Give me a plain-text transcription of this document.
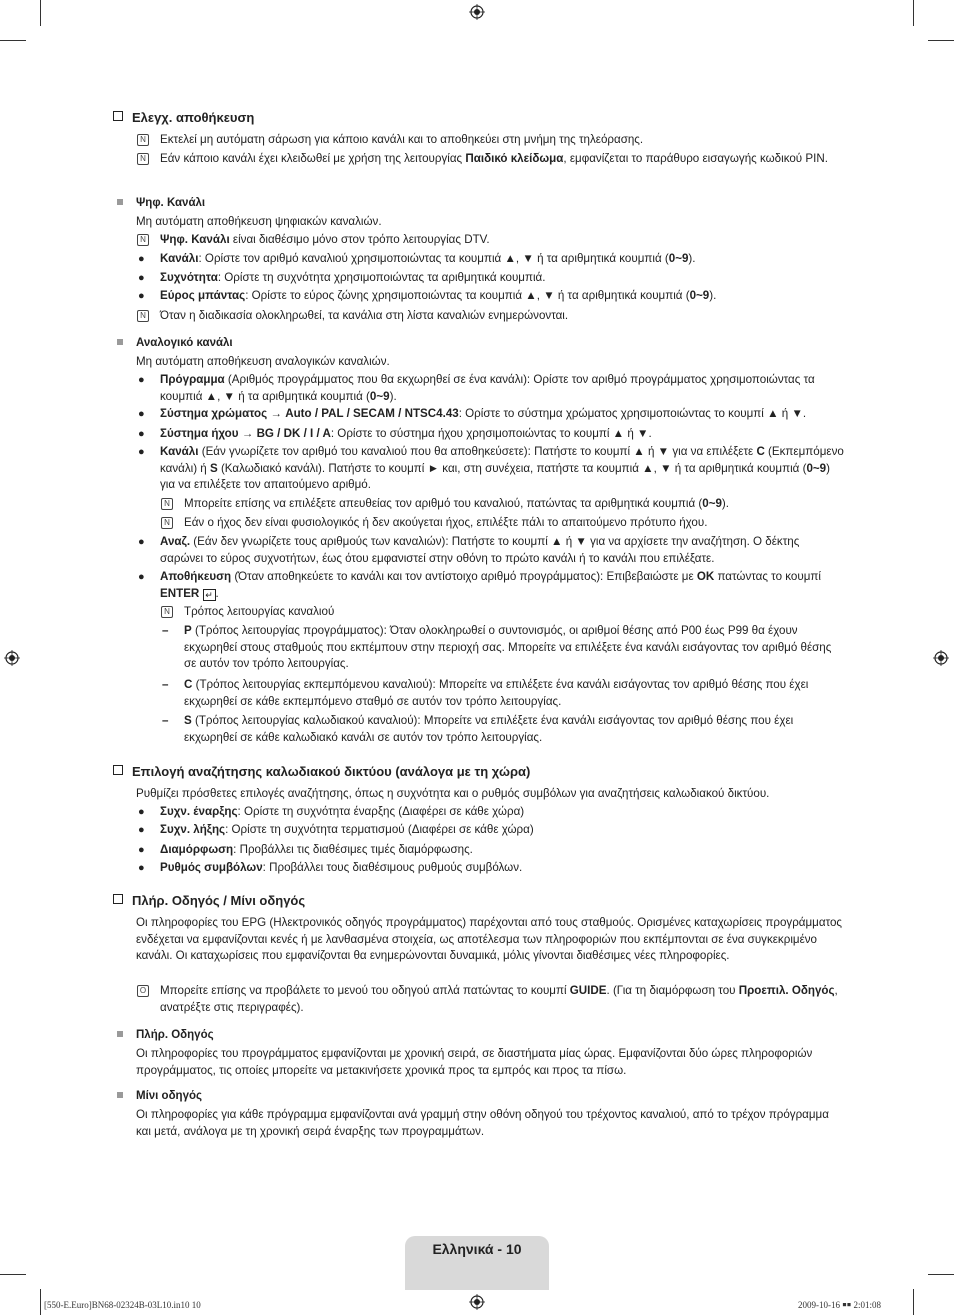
Ελεγχ. αποθήκευση
N Εκτελεί μη αυτόματη σάρωση για κάποιο κανάλι και το αποθηκεύει στη μνήμη της τηλεόρασης.
N Εάν κάποιο κανάλι έχει κλειδωθεί με χρήση της λειτουργίας Παιδικό κλείδωμα, εμφανίζεται το παράθυρο εισαγωγής κωδικού PIN.
Ψηφ. Κανάλι
Μη αυτόματη αποθήκευση ψηφιακών καναλιών.
N Ψηφ. Κανάλι είναι διαθέσιμο μόνο στον τρόπο λειτουργίας DTV.
● Κανάλι: Ορίστε τον αριθμό καναλιού χρησιμοποιώντας τα κουμπιά ▲, ▼ ή τα αριθμητικά κουμπιά (0~9).
● Συχνότητα: Ορίστε τη συχνότητα χρησιμοποιώντας τα αριθμητικά κουμπιά.
● Εύρος μπάντας: Ορίστε το εύρος ζώνης χρησιμοποιώντας τα κουμπιά ▲, ▼ ή τα αριθμητικά κουμπιά (0~9).
N Όταν η διαδικασία ολοκληρωθεί, τα κανάλια στη λίστα καναλιών ενημερώνονται.
Αναλογικό κανάλι
Μη αυτόματη αποθήκευση αναλογικών καναλιών.
● Πρόγραμμα (Αριθμός προγράμματος που θα εκχωρηθεί σε ένα κανάλι): Ορίστε τον αριθμό προγράμματος χρησιμοποιώντας τα κουμπιά ▲, ▼ ή τα αριθμητικά κουμπιά (0~9).
● Σύστημα χρώματος → Auto / PAL / SECAM / NTSC4.43: Ορίστε το σύστημα χρώματος χρησιμοποιώντας το κουμπί ▲ ή ▼.
● Σύστημα ήχου → BG / DK / I / A: Ορίστε το σύστημα ήχου χρησιμοποιώντας το κουμπί ▲ ή ▼.
● Κανάλι (Εάν γνωρίζετε τον αριθμό του καναλιού που θα αποθηκεύσετε): Πατήστε το κουμπί ▲ ή ▼ για να επιλέξετε C (Εκπεμπόμενο κανάλι) ή S (Καλωδιακό κανάλι). Πατήστε το κουμπί ► και, στη συνέχεια, πατήστε τα κουμπιά ▲, ▼ ή τα αριθμητικά κουμπιά (0~9) για να επιλέξετε τον απαιτούμενο αριθμό.
N Μπορείτε επίσης να επιλέξετε απευθείας τον αριθμό του καναλιού, πατώντας τα αριθμητικά κουμπιά (0~9).
N Εάν ο ήχος δεν είναι φυσιολογικός ή δεν ακούγεται ήχος, επιλέξτε πάλι το απαιτούμενο πρότυπο ήχου.
● Αναζ. (Εάν δεν γνωρίζετε τους αριθμούς των καναλιών): Πατήστε το κουμπί ▲ ή ▼ για να αρχίσετε την αναζήτηση. Ο δέκτης σαρώνει το εύρος συχνοτήτων, έως ότου εμφανιστεί στην οθόνη το πρώτο κανάλι ή το κανάλι που επιλέξατε.
● Αποθήκευση (Όταν αποθηκεύετε το κανάλι και τον αντίστοιχο αριθμό προγράμματος): Επιβεβαιώστε με OK πατώντας το κουμπί ENTER ↵ .
N Τρόπος λειτουργίας καναλιού
– P (Τρόπος λειτουργίας προγράμματος): Όταν ολοκληρωθεί ο συντονισμός, οι αριθμοί θέσης από P00 έως P99 θα έχουν εκχωρηθεί στους σταθμούς που εκπέμπουν στην περιοχή σας. Μπορείτε να επιλέξετε ένα κανάλι εισάγοντας τον αριθμό θέσης σε αυτόν τον τρόπο λειτουργίας.
– C (Τρόπος λειτουργίας εκπεμπόμενου καναλιού): Μπορείτε να επιλέξετε ένα κανάλι εισάγοντας τον αριθμό θέσης που έχει εκχωρηθεί σε κάθε εκπεμπόμενο σταθμό σε αυτόν τον τρόπο λειτουργίας.
– S (Τρόπος λειτουργίας καλωδιακού καναλιού): Μπορείτε να επιλέξετε ένα κανάλι εισάγοντας τον αριθμό θέσης που έχει εκχωρηθεί σε κάθε καλωδιακό κανάλι σε αυτόν τον τρόπο λειτουργίας.
Επιλογή αναζήτησης καλωδιακού δικτύου (ανάλογα με τη χώρα)
Ρυθμίζει πρόσθετες επιλογές αναζήτησης, όπως η συχνότητα και ο ρυθμός συμβόλων για αναζητήσεις καλωδιακού δικτύου.
● Συχν. έναρξης: Ορίστε τη συχνότητα έναρξης (Διαφέρει σε κάθε χώρα)
● Συχν. λήξης: Ορίστε τη συχνότητα τερματισμού (Διαφέρει σε κάθε χώρα)
● Διαμόρφωση: Προβάλλει τις διαθέσιμες τιμές διαμόρφωσης.
● Ρυθμός συμβόλων: Προβάλλει τους διαθέσιμους ρυθμούς συμβόλων.
Πλήρ. Οδηγός / Μίνι οδηγός
Οι πληροφορίες του EPG (Ηλεκτρονικός οδηγός προγράμματος) παρέχονται από τους σταθμούς. Ορισμένες καταχωρίσεις προγράμματος ενδέχεται να εμφανίζονται κενές ή με λανθασμένα στοιχεία, ως αποτέλεσμα των πληροφοριών που εκπέμπονται σε ένα συγκεκριμένο κανάλι. Οι καταχωρίσεις που εμφανίζονται θα ενημερώνονται δυναμικά, μόλις γίνονται διαθέσιμες νέες πληροφορίες.
O Μπορείτε επίσης να προβάλετε το μενού του οδηγού απλά πατώντας το κουμπί GUIDE. (Για τη διαμόρφωση του Προεπιλ. Οδηγός, ανατρέξτε στις περιγραφές).
Πλήρ. Οδηγός
Οι πληροφορίες του προγράμματος εμφανίζονται με χρονική σειρά, σε διαστήματα μίας ώρας. Εμφανίζονται δύο ώρες πληροφοριών προγράμματος, τις οποίες μπορείτε να μετακινήσετε χρονικά προς τα εμπρός και προς τα πίσω.
Μίνι οδηγός
Οι πληροφορίες για κάθε πρόγραμμα εμφανίζονται ανά γραμμή στην οθόνη οδηγού του τρέχοντος καναλιού, από το τρέχον πρόγραμμα και μετά, ανάλογα με τη χρονική σειρά έναρξης των προγραμμάτων.
Ελληνικά - 10
[550-E.Euro]BN68-02324B-03L10.in10 10	2009-10-16 ￭￭ 2:01:08
